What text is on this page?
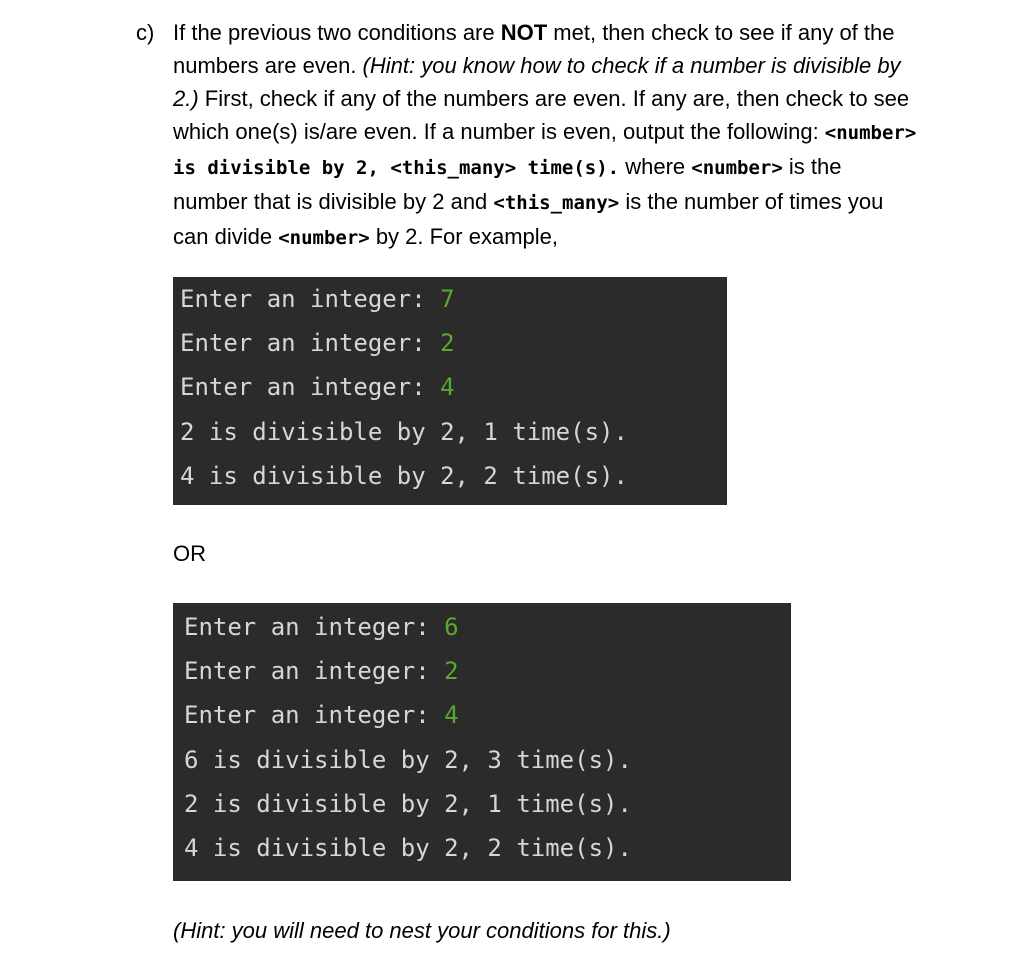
c) If the previous two conditions are NOT met, then check to see if any of the
numbers are even. (Hint: you know how to check if a number is divisible by
2.) First, check if any of the numbers are even. If any are, then check to see
which one(s) is/are even. If a number is even, output the following: <number>
is divisible by 2, <this_many> time(s). where <number> is the
number that is divisible by 2 and <this_many> is the number of times you
can divide <number> by 2. For example,
Enter an integer: 7
Enter an integer: 2
Enter an integer: 4
2 is divisible by 2, 1 time(s).
4 is divisible by 2, 2 time(s).
OR
Enter an integer: 6
Enter an integer: 2
Enter an integer: 4
6 is divisible by 2, 3 time(s).
2 is divisible by 2, 1 time(s).
4 is divisible by 2, 2 time(s).
(Hint: you will need to nest your conditions for this.)
